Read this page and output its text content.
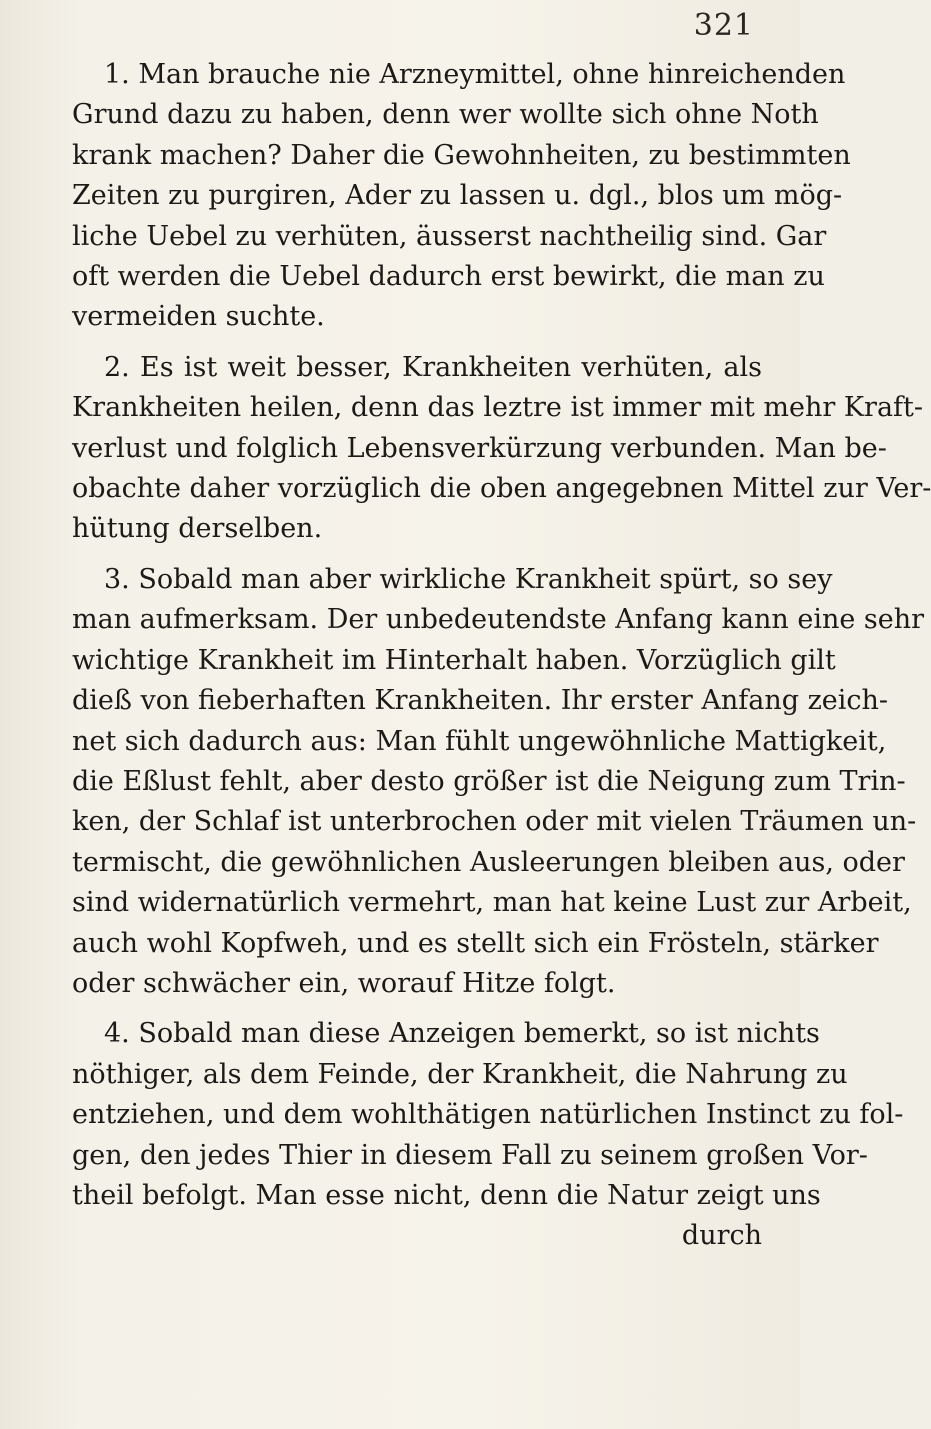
321
1. Man brauche nie Arzneymittel, ohne hinreichenden
Grund dazu zu haben, denn wer wollte sich ohne Noth
krank machen? Daher die Gewohnheiten, zu bestimmten
Zeiten zu purgiren, Ader zu lassen u. dgl., blos um mög-
liche Uebel zu verhüten, äusserst nachtheilig sind. Gar
oft werden die Uebel dadurch erst bewirkt, die man zu
vermeiden suchte.
2. Es ist weit besser, Krankheiten verhüten, als
Krankheiten heilen, denn das leztre ist immer mit mehr Kraft-
verlust und folglich Lebensverkürzung verbunden. Man be-
obachte daher vorzüglich die oben angegebnen Mittel zur Ver-
hütung derselben.
3. Sobald man aber wirkliche Krankheit spürt, so sey
man aufmerksam. Der unbedeutendste Anfang kann eine sehr
wichtige Krankheit im Hinterhalt haben. Vorzüglich gilt
dieß von fieberhaften Krankheiten. Ihr erster Anfang zeich-
net sich dadurch aus: Man fühlt ungewöhnliche Mattigkeit,
die Eßlust fehlt, aber desto größer ist die Neigung zum Trin-
ken, der Schlaf ist unterbrochen oder mit vielen Träumen un-
termischt, die gewöhnlichen Ausleerungen bleiben aus, oder
sind widernatürlich vermehrt, man hat keine Lust zur Arbeit,
auch wohl Kopfweh, und es stellt sich ein Frösteln, stärker
oder schwächer ein, worauf Hitze folgt.
4. Sobald man diese Anzeigen bemerkt, so ist nichts
nöthiger, als dem Feinde, der Krankheit, die Nahrung zu
entziehen, und dem wohlthätigen natürlichen Instinct zu fol-
gen, den jedes Thier in diesem Fall zu seinem großen Vor-
theil befolgt. Man esse nicht, denn die Natur zeigt uns
durch
